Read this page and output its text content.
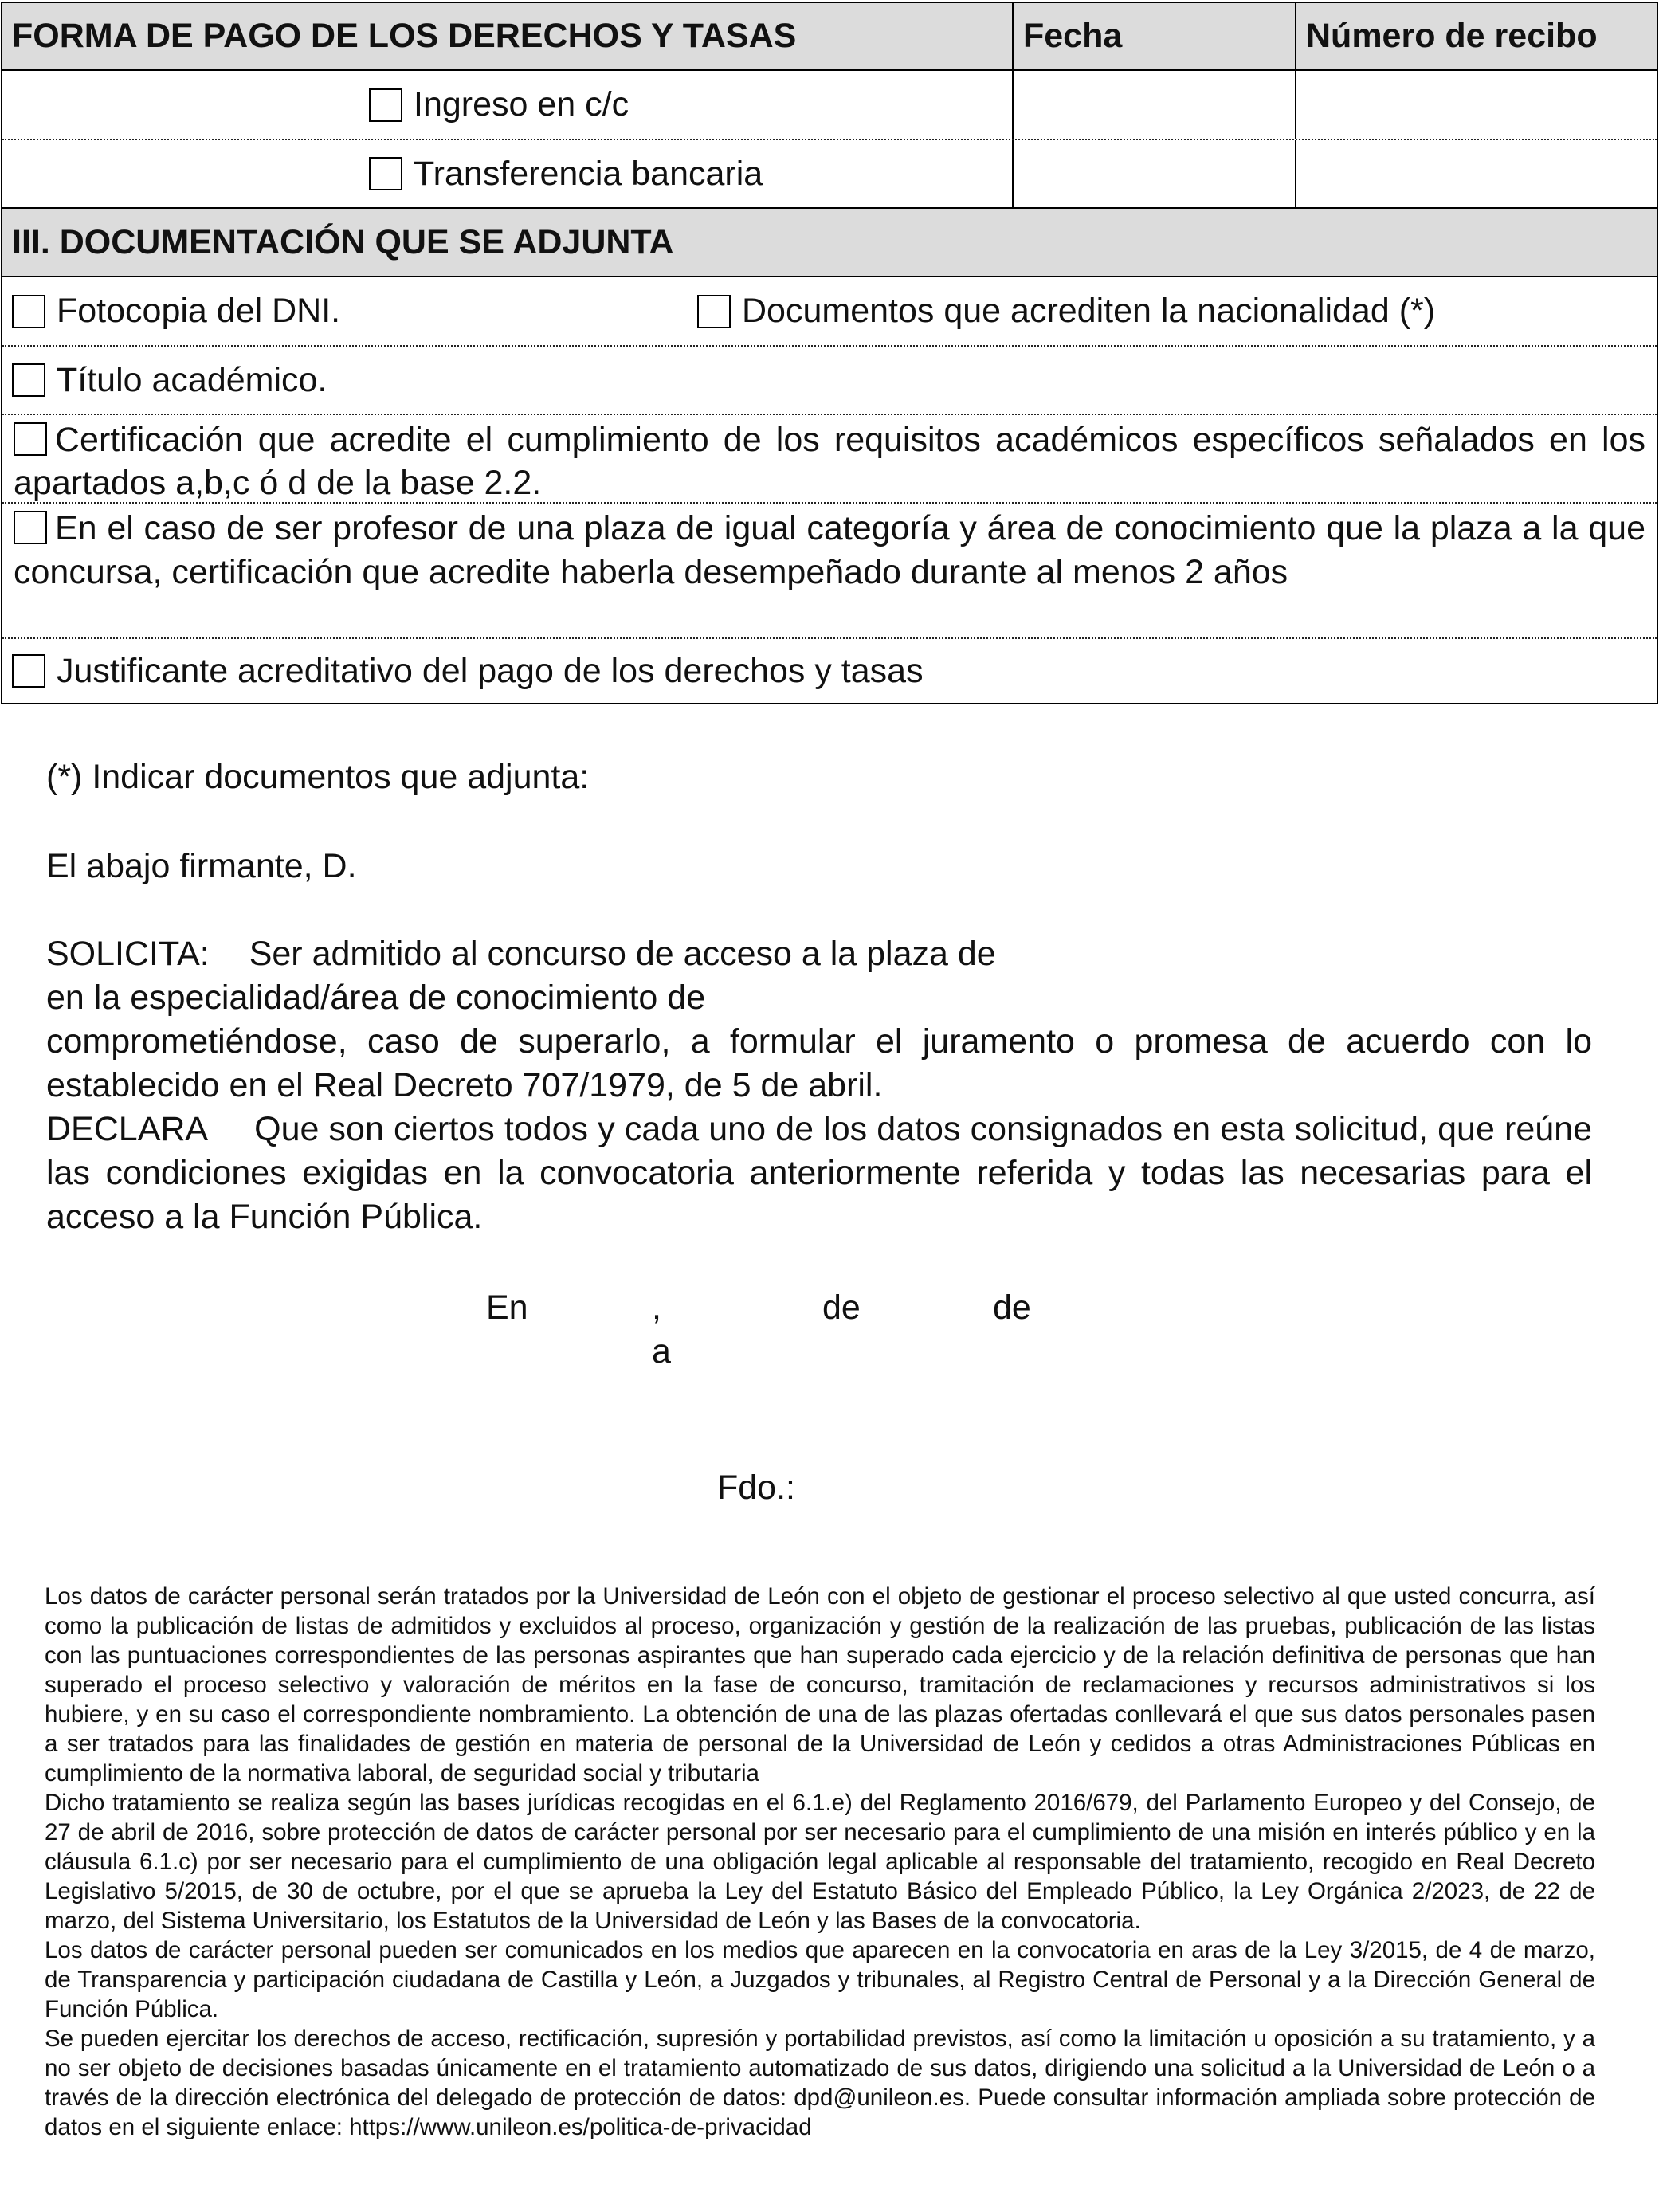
FORMA DE PAGO DE LOS DERECHOS Y TASAS	Fecha	Número de recibo
Ingreso en c/c
Transferencia bancaria
III. DOCUMENTACIÓN QUE SE ADJUNTA
Fotocopia del DNI.	Documentos que acrediten la nacionalidad (*)
Título académico.
Certificación que acredite el cumplimiento de los requisitos académicos específicos señalados en los apartados a,b,c ó d de la base 2.2.
En el caso de ser profesor de una plaza de igual categoría y área de conocimiento que la plaza a la que concursa, certificación que acredite haberla desempeñado durante al menos 2 años
Justificante acreditativo del pago de los derechos y tasas
(*) Indicar documentos que adjunta:
El abajo firmante, D.
SOLICITA: Ser admitido al concurso de acceso a la plaza de
en la especialidad/área de conocimiento de
comprometiéndose, caso de superarlo, a formular el juramento o promesa de acuerdo con lo establecido en el Real Decreto 707/1979, de 5 de abril.
DECLARA Que son ciertos todos y cada uno de los datos consignados en esta solicitud, que reúne las condiciones exigidas en la convocatoria anteriormente referida y todas las necesarias para el acceso a la Función Pública.
En	, a
de	de
Fdo.:

Los datos de carácter personal serán tratados por la Universidad de León con el objeto de gestionar el proceso selectivo al que usted concurra, así como la publicación de listas de admitidos y excluidos al proceso, organización y gestión de la realización de las pruebas, publicación de las listas con las puntuaciones correspondientes de las personas aspirantes que han superado cada ejercicio y de la relación definitiva de personas que han superado el proceso selectivo y valoración de méritos en la fase de concurso, tramitación de reclamaciones y recursos administrativos si los hubiere, y en su caso el correspondiente nombramiento. La obtención de una de las plazas ofertadas conllevará el que sus datos personales pasen a ser tratados para las finalidades de gestión en materia de personal de la Universidad de León y cedidos a otras Administraciones Públicas en cumplimiento de la normativa laboral, de seguridad social y tributaria

Dicho tratamiento se realiza según las bases jurídicas recogidas en el 6.1.e) del Reglamento 2016/679, del Parlamento Europeo y del Consejo, de 27 de abril de 2016, sobre protección de datos de carácter personal por ser necesario para el cumplimiento de una misión en interés público y en la cláusula 6.1.c) por ser necesario para el cumplimiento de una obligación legal aplicable al responsable del tratamiento, recogido en Real Decreto Legislativo 5/2015, de 30 de octubre, por el que se aprueba la Ley del Estatuto Básico del Empleado Público, la Ley Orgánica 2/2023, de 22 de marzo, del Sistema Universitario, los Estatutos de la Universidad de León y las Bases de la convocatoria.

Los datos de carácter personal pueden ser comunicados en los medios que aparecen en la convocatoria en aras de la Ley 3/2015, de 4 de marzo, de Transparencia y participación ciudadana de Castilla y León, a Juzgados y tribunales, al Registro Central de Personal y a la Dirección General de Función Pública.

Se pueden ejercitar los derechos de acceso, rectificación, supresión y portabilidad previstos, así como la limitación u oposición a su tratamiento, y a no ser objeto de decisiones basadas únicamente en el tratamiento automatizado de sus datos, dirigiendo una solicitud a la Universidad de León o a través de la dirección electrónica del delegado de protección de datos: dpd@unileon.es. Puede consultar información ampliada sobre protección de datos en el siguiente enlace: https://www.unileon.es/politica-de-privacidad
